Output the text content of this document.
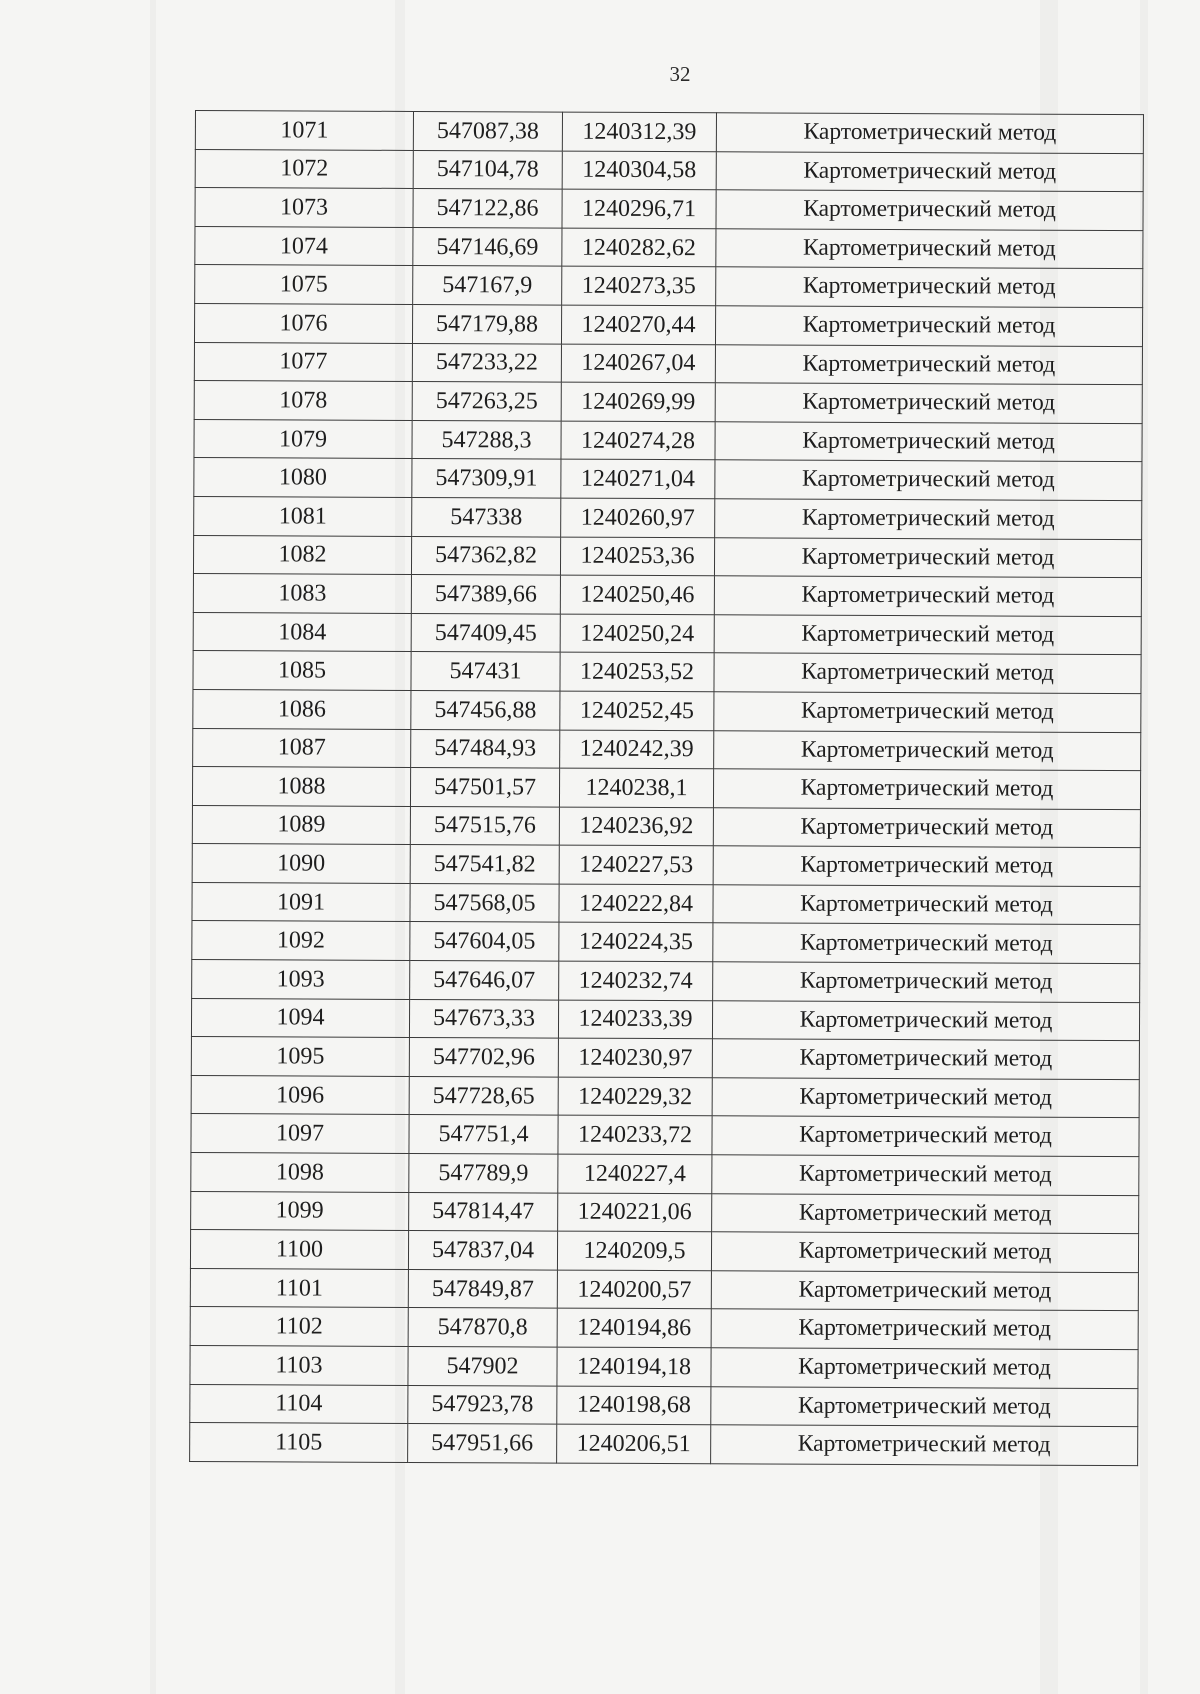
32
1071	547087,38	1240312,39	Картометрический метод
1072	547104,78	1240304,58	Картометрический метод
1073	547122,86	1240296,71	Картометрический метод
1074	547146,69	1240282,62	Картометрический метод
1075	547167,9	1240273,35	Картометрический метод
1076	547179,88	1240270,44	Картометрический метод
1077	547233,22	1240267,04	Картометрический метод
1078	547263,25	1240269,99	Картометрический метод
1079	547288,3	1240274,28	Картометрический метод
1080	547309,91	1240271,04	Картометрический метод
1081	547338	1240260,97	Картометрический метод
1082	547362,82	1240253,36	Картометрический метод
1083	547389,66	1240250,46	Картометрический метод
1084	547409,45	1240250,24	Картометрический метод
1085	547431	1240253,52	Картометрический метод
1086	547456,88	1240252,45	Картометрический метод
1087	547484,93	1240242,39	Картометрический метод
1088	547501,57	1240238,1	Картометрический метод
1089	547515,76	1240236,92	Картометрический метод
1090	547541,82	1240227,53	Картометрический метод
1091	547568,05	1240222,84	Картометрический метод
1092	547604,05	1240224,35	Картометрический метод
1093	547646,07	1240232,74	Картометрический метод
1094	547673,33	1240233,39	Картометрический метод
1095	547702,96	1240230,97	Картометрический метод
1096	547728,65	1240229,32	Картометрический метод
1097	547751,4	1240233,72	Картометрический метод
1098	547789,9	1240227,4	Картометрический метод
1099	547814,47	1240221,06	Картометрический метод
1100	547837,04	1240209,5	Картометрический метод
1101	547849,87	1240200,57	Картометрический метод
1102	547870,8	1240194,86	Картометрический метод
1103	547902	1240194,18	Картометрический метод
1104	547923,78	1240198,68	Картометрический метод
1105	547951,66	1240206,51	Картометрический метод
